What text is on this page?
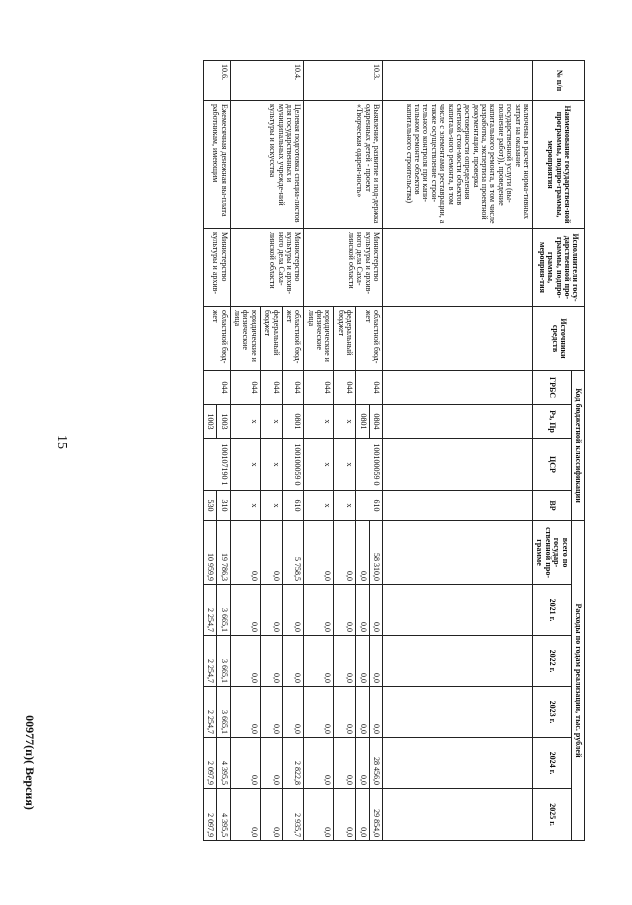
15
00977(п)( Версия)
№ п/п	Наименование государствен-ной программы, подпро-граммы, мероприятия	Исполнители госу-дарственной про-граммы, подпро-граммы, мероприя-тия	Источники средств	Код бюджетной классификации				Расходы по годам реализации, тыс. рублей					
				ГРБС	Рз, Пр	ЦСР	ВР	всего по государ-ственной про-грамме	2021 г.	2022 г.	2023 г.	2024 г.	2025 г.
	включены в расчет норма-тивных затрат на оказание государственной услуги (вы-полнение работ)), проведение капитального ремонта, в том числе разработка, экспертиза проектной документации, проверка достоверности определения сметной стои-мости объектов капиталь-ного ремонта, в том числе с элементами реставрации, а также осуществление строи-тельного контроля при капи-тальном ремонте объектов капитального строительства)												
10.3.	Выявление, развитие и под-держка одаренных детей - проект «Творческая одарен-ность»	Министерство культуры и архив-ного дела Саха-линской области	областной бюд-жет	044	0804	100100059 0	610	58 310,0	0,0	0,0	0,0	28 456,0	29 854,0
					0801			0,0	0,0	0,0	0,0	0,0	0,0
			федеральный бюджет	044	х	х	х	0,0	0,0	0,0	0,0	0,0	0,0
			юридические и физические лица	044	х	х	х	0,0	0,0	0,0	0,0	0,0	0,0
10.4.	Целевая подготовка специа-листов для государственных и муниципальных учрежде-ний культуры и искусства	Министерство культуры и архив-ного дела Саха-линской области	областной бюд-жет	044	0801	100100059 0	610	5 758,5	0,0	0,0	0,0	2 822,8	2 935,7
			федеральный бюджет	044	х	х	х	0,0	0,0	0,0	0,0	0,0	0,0
			юридические и физические лица	044	х	х	х	0,0	0,0	0,0	0,0	0,0	0,0
10.6.	Ежемесячная денежная вы-плата работникам, имеющим	Министерство культуры и архив-	областной бюд-жет	044	1003	100107190 1	310	19 786,3	3 665,1	3 665,1	3 665,1	4 395,5	4 395,5
					1003		530	10 959,9	2 254,7	2 254,7	2 254,7	2 097,9	2 097,9
